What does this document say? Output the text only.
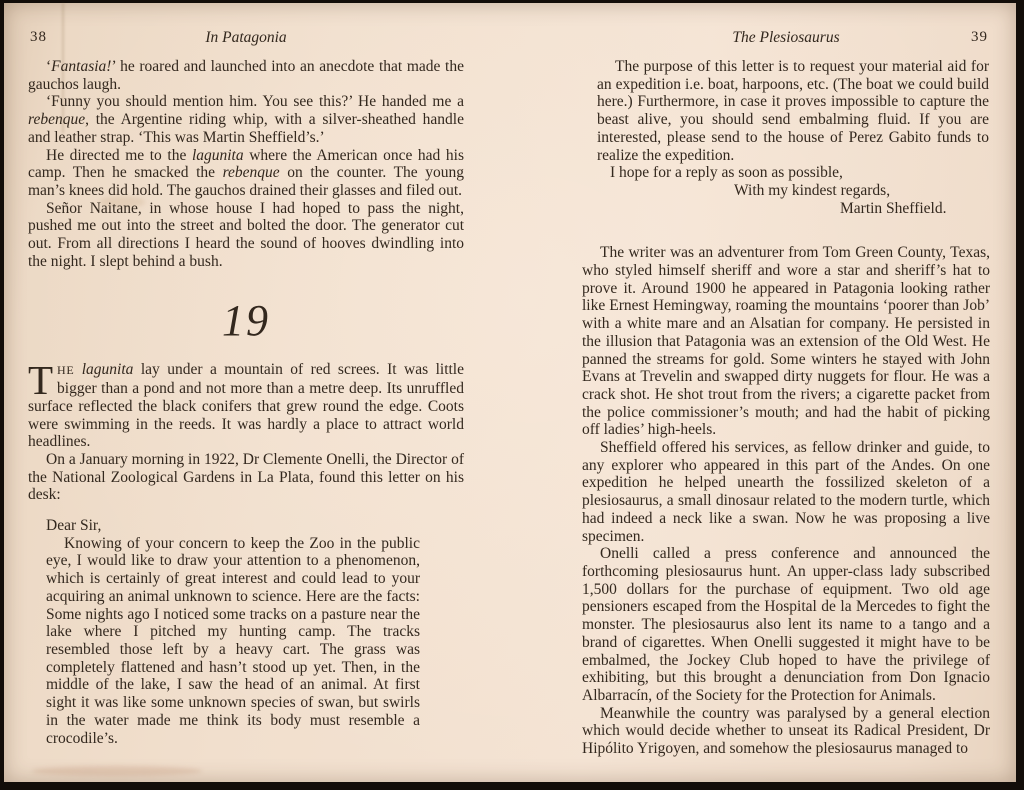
38	In Patagonia

‘Fantasia!’ he roared and launched into an anecdote that made the gauchos laugh.

‘Funny you should mention him. You see this?’ He handed me a rebenque, the Argentine riding whip, with a silver-sheathed handle and leather strap. ‘This was Martin Sheffield’s.’

He directed me to the lagunita where the American once had his camp. Then he smacked the rebenque on the counter. The young man’s knees did hold. The gauchos drained their glasses and filed out.

Señor Naitane, in whose house I had hoped to pass the night, pushed me out into the street and bolted the door. The generator cut out. From all directions I heard the sound of hooves dwindling into the night. I slept behind a bush.

19

THE lagunita lay under a mountain of red screes. It was little bigger than a pond and not more than a metre deep. Its unruffled surface reflected the black conifers that grew round the edge. Coots were swimming in the reeds. It was hardly a place to attract world headlines.

On a January morning in 1922, Dr Clemente Onelli, the Director of the National Zoological Gardens in La Plata, found this letter on his desk:

Dear Sir,

Knowing of your concern to keep the Zoo in the public eye, I would like to draw your attention to a phenomenon, which is certainly of great interest and could lead to your acquiring an animal unknown to science. Here are the facts: Some nights ago I noticed some tracks on a pasture near the lake where I pitched my hunting camp. The tracks resembled those left by a heavy cart. The grass was completely flattened and hasn’t stood up yet. Then, in the middle of the lake, I saw the head of an animal. At first sight it was like some unknown species of swan, but swirls in the water made me think its body must resemble a crocodile’s.

The Plesiosaurus	39

The purpose of this letter is to request your material aid for an expedition i.e. boat, harpoons, etc. (The boat we could build here.) Furthermore, in case it proves impossible to capture the beast alive, you should send embalming fluid. If you are interested, please send to the house of Perez Gabito funds to realize the expedition.

I hope for a reply as soon as possible,

With my kindest regards,

Martin Sheffield.

The writer was an adventurer from Tom Green County, Texas, who styled himself sheriff and wore a star and sheriff’s hat to prove it. Around 1900 he appeared in Patagonia looking rather like Ernest Hemingway, roaming the mountains ‘poorer than Job’ with a white mare and an Alsatian for company. He persisted in the illusion that Patagonia was an extension of the Old West. He panned the streams for gold. Some winters he stayed with John Evans at Trevelin and swapped dirty nuggets for flour. He was a crack shot. He shot trout from the rivers; a cigarette packet from the police commissioner’s mouth; and had the habit of picking off ladies’ high-heels.

Sheffield offered his services, as fellow drinker and guide, to any explorer who appeared in this part of the Andes. On one expedition he helped unearth the fossilized skeleton of a plesiosaurus, a small dinosaur related to the modern turtle, which had indeed a neck like a swan. Now he was proposing a live specimen.

Onelli called a press conference and announced the forthcoming plesiosaurus hunt. An upper-class lady subscribed 1,500 dollars for the purchase of equipment. Two old age pensioners escaped from the Hospital de la Mercedes to fight the monster. The plesiosaurus also lent its name to a tango and a brand of cigarettes. When Onelli suggested it might have to be embalmed, the Jockey Club hoped to have the privilege of exhibiting, but this brought a denunciation from Don Ignacio Albarracín, of the Society for the Protection for Animals.

Meanwhile the country was paralysed by a general election which would decide whether to unseat its Radical President, Dr Hipólito Yrigoyen, and somehow the plesiosaurus managed to
